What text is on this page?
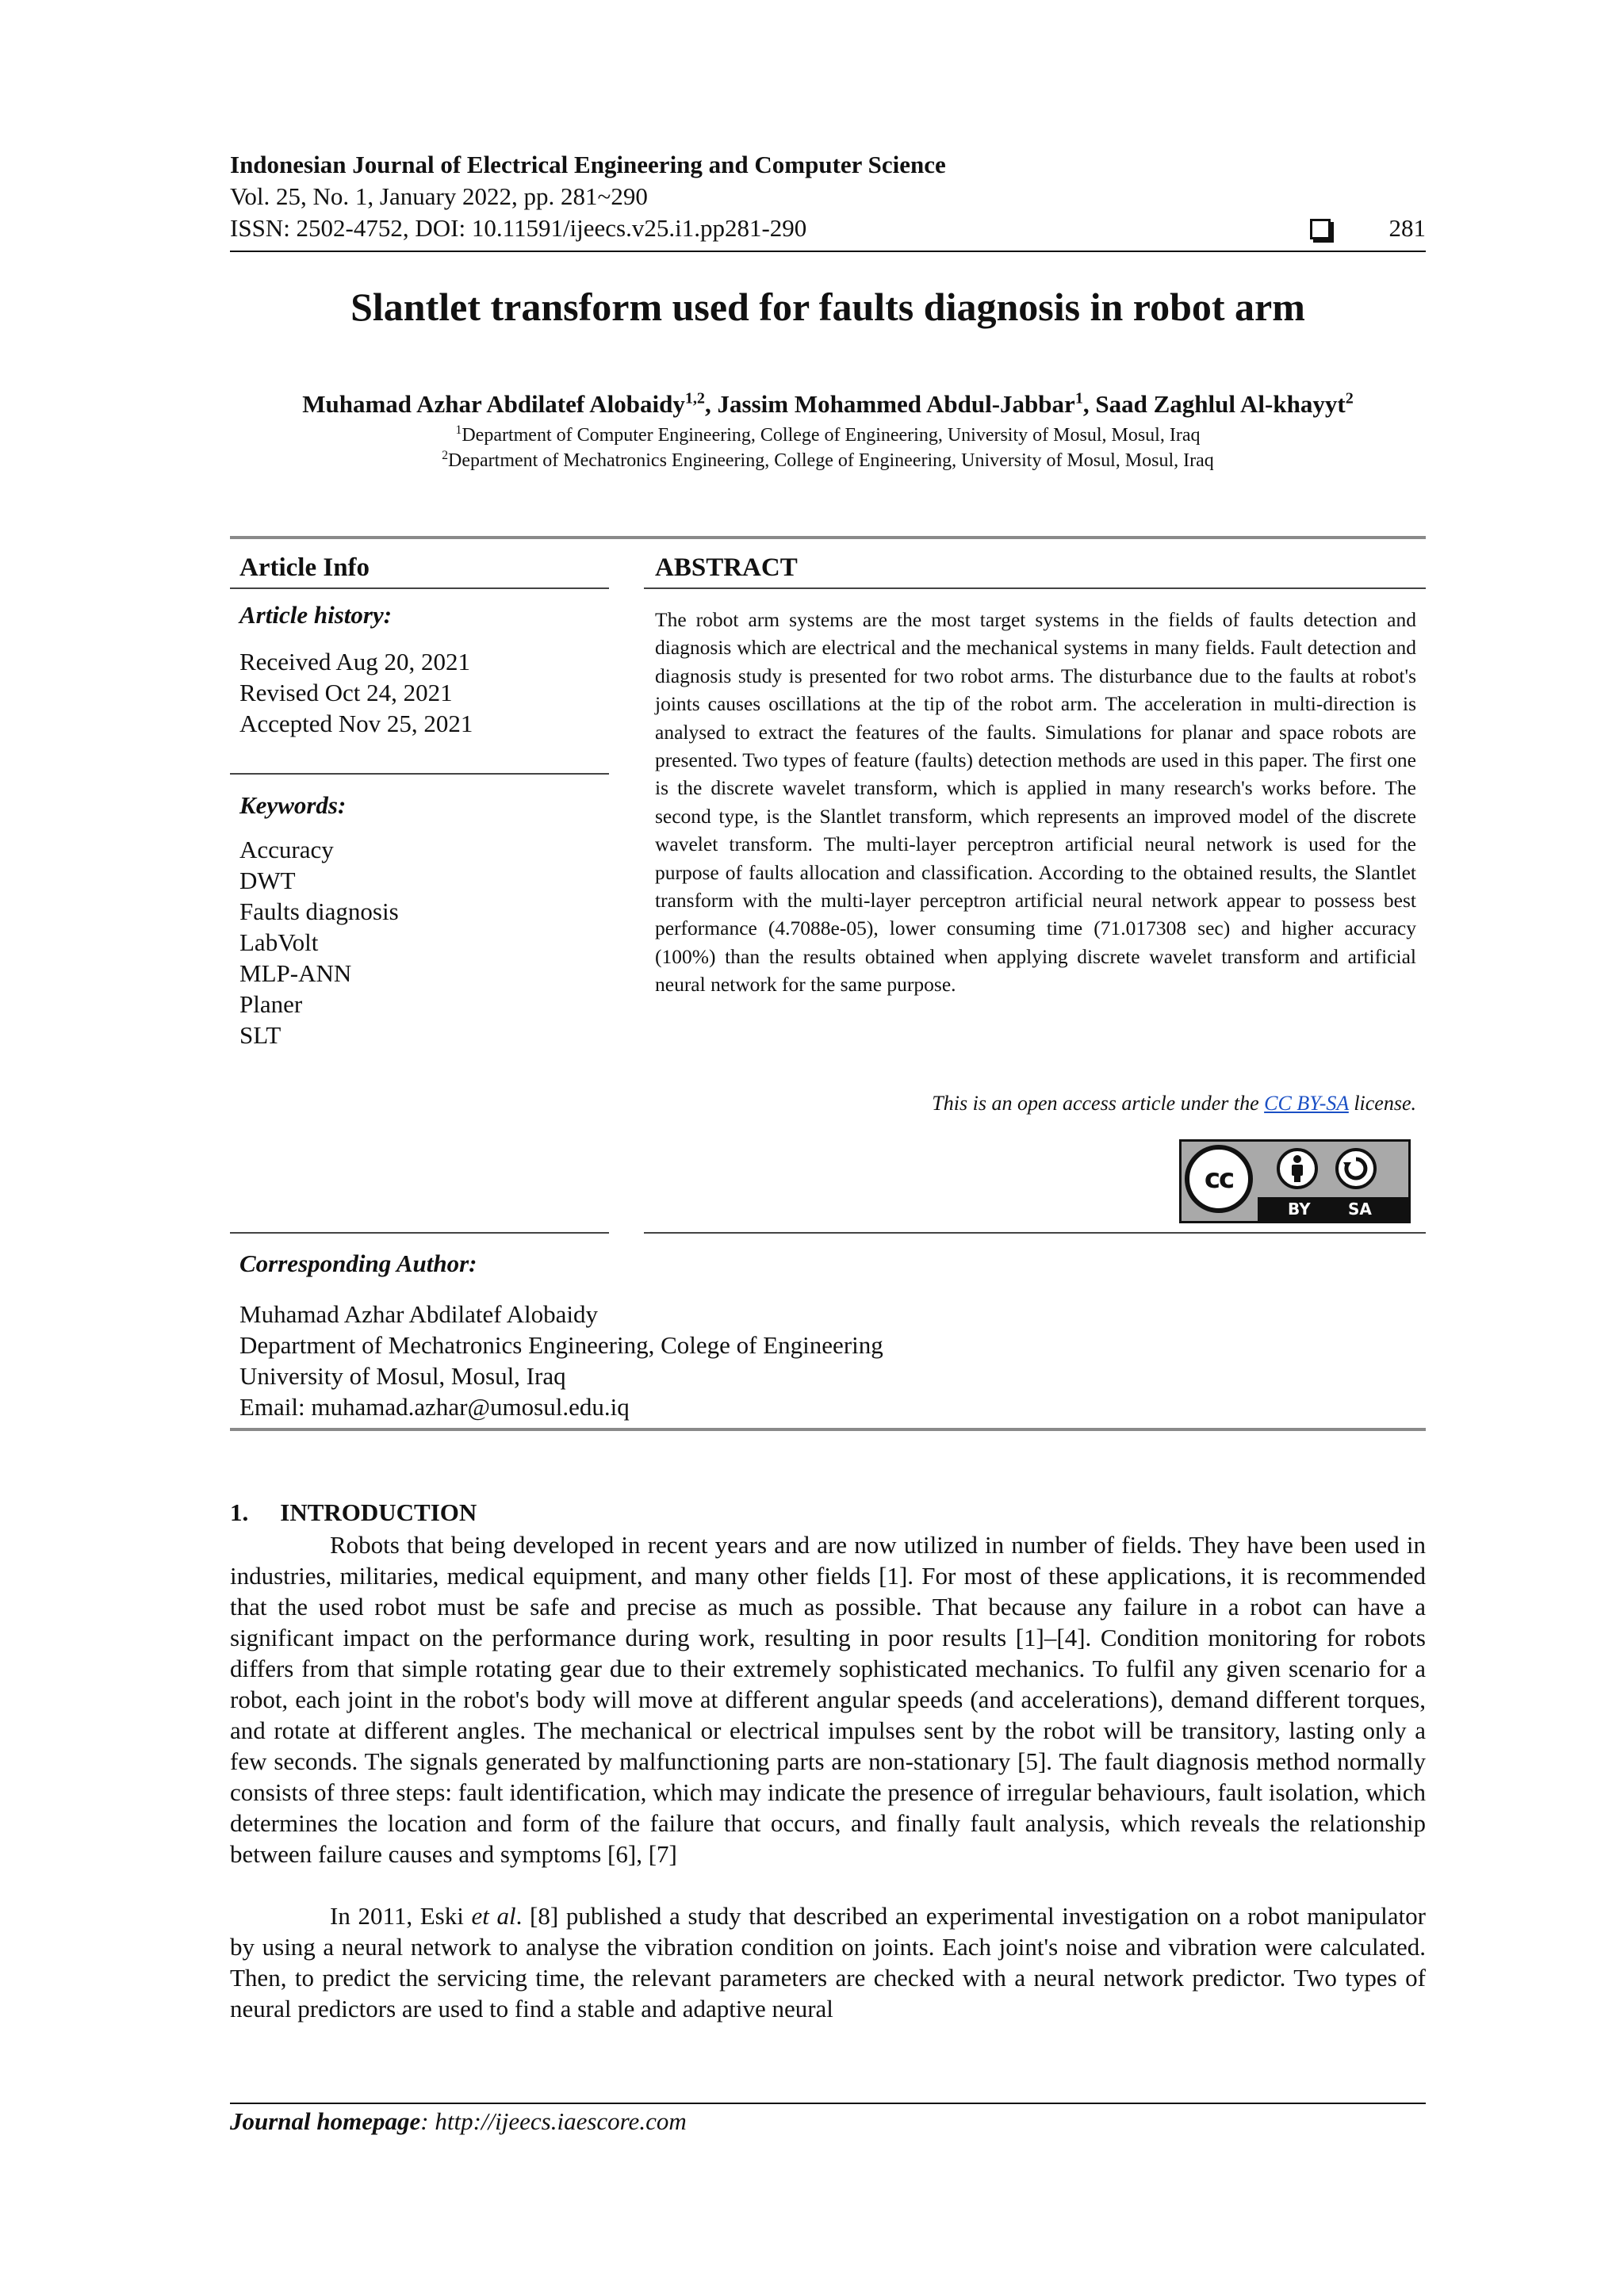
Indonesian Journal of Electrical Engineering and Computer Science
Vol. 25, No. 1, January 2022, pp. 281~290
ISSN: 2502-4752, DOI: 10.11591/ijeecs.v25.i1.pp281-290	281
Slantlet transform used for faults diagnosis in robot arm
Muhamad Azhar Abdilatef Alobaidy$^{1,2}$, Jassim Mohammed Abdul-Jabbar$^1$, Saad Zaghlul Al-khayyt$^2$
$^1$Department of Computer Engineering, College of Engineering, University of Mosul, Mosul, Iraq
$^2$Department of Mechatronics Engineering, College of Engineering, University of Mosul, Mosul, Iraq
Article Info
Article history:
Received Aug 20, 2021
Revised Oct 24, 2021
Accepted Nov 25, 2021
Keywords:
Accuracy
DWT
Faults diagnosis
LabVolt
MLP-ANN
Planer
SLT
ABSTRACT
The robot arm systems are the most target systems in the fields of faults detection and diagnosis which are electrical and the mechanical systems in many fields. Fault detection and diagnosis study is presented for two robot arms. The disturbance due to the faults at robot's joints causes oscillations at the tip of the robot arm. The acceleration in multi-direction is analysed to extract the features of the faults. Simulations for planar and space robots are presented. Two types of feature (faults) detection methods are used in this paper. The first one is the discrete wavelet transform, which is applied in many research's works before. The second type, is the Slantlet transform, which represents an improved model of the discrete wavelet transform. The multi-layer perceptron artificial neural network is used for the purpose of faults allocation and classification. According to the obtained results, the Slantlet transform with the multi-layer perceptron artificial neural network appear to possess best performance (4.7088e-05), lower consuming time (71.017308 sec) and higher accuracy (100%) than the results obtained when applying discrete wavelet transform and artificial neural network for the same purpose.
This is an open access article under the CC BY-SA license.
cc
BY SA
Corresponding Author:
Muhamad Azhar Abdilatef Alobaidy
Department of Mechatronics Engineering, Colege of Engineering
University of Mosul, Mosul, Iraq
Email: muhamad.azhar@umosul.edu.iq
1. INTRODUCTION
Robots that being developed in recent years and are now utilized in number of fields. They have been used in industries, militaries, medical equipment, and many other fields [1]. For most of these applications, it is recommended that the used robot must be safe and precise as much as possible. That because any failure in a robot can have a significant impact on the performance during work, resulting in poor results [1]–[4]. Condition monitoring for robots differs from that simple rotating gear due to their extremely sophisticated mechanics. To fulfil any given scenario for a robot, each joint in the robot's body will move at different angular speeds (and accelerations), demand different torques, and rotate at different angles. The mechanical or electrical impulses sent by the robot will be transitory, lasting only a few seconds. The signals generated by malfunctioning parts are non-stationary [5]. The fault diagnosis method normally consists of three steps: fault identification, which may indicate the presence of irregular behaviours, fault isolation, which determines the location and form of the failure that occurs, and finally fault analysis, which reveals the relationship between failure causes and symptoms [6], [7]
In 2011, Eski et al. [8] published a study that described an experimental investigation on a robot manipulator by using a neural network to analyse the vibration condition on joints. Each joint's noise and vibration were calculated. Then, to predict the servicing time, the relevant parameters are checked with a neural network predictor. Two types of neural predictors are used to find a stable and adaptive neural
Journal homepage: http://ijeecs.iaescore.com
